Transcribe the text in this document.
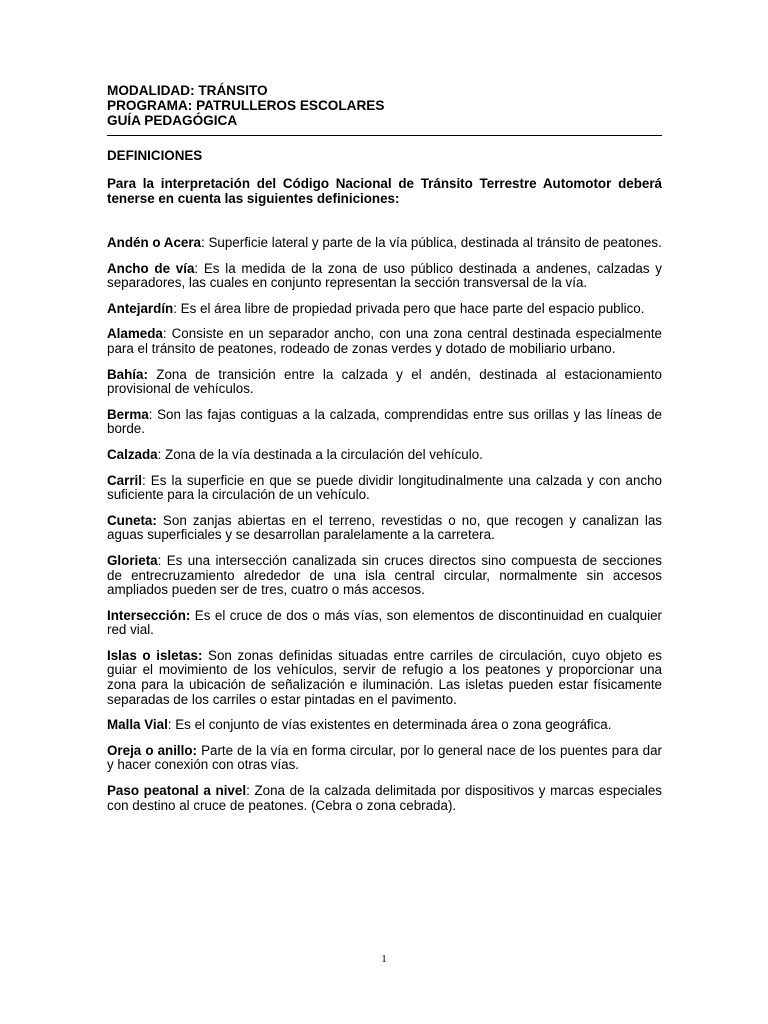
MODALIDAD: TRÁNSITO

PROGRAMA: PATRULLEROS ESCOLARES

GUÍA PEDAGÓGICA

DEFINICIONES

Para la interpretación del Código Nacional de Tránsito Terrestre Automotor deberá tenerse en cuenta las siguientes definiciones:

Andén o Acera: Superficie lateral y parte de la vía pública, destinada al tránsito de peatones.

Ancho de vía: Es la medida de la zona de uso público destinada a andenes, calzadas y separadores, las cuales en conjunto representan la sección transversal de la vía.

Antejardín: Es el área libre de propiedad privada pero que hace parte del espacio publico.

Alameda: Consiste en un separador ancho, con una zona central destinada especialmente para el tránsito de peatones, rodeado de zonas verdes y dotado de mobiliario urbano.

Bahía: Zona de transición entre la calzada y el andén, destinada al estacionamiento provisional de vehículos.

Berma: Son las fajas contiguas a la calzada, comprendidas entre sus orillas y las líneas de borde.

Calzada: Zona de la vía destinada a la circulación del vehículo.

Carril: Es la superficie en que se puede dividir longitudinalmente una calzada y con ancho suficiente para la circulación de un vehículo.

Cuneta: Son zanjas abiertas en el terreno, revestidas o no, que recogen y canalizan las aguas superficiales y se desarrollan paralelamente a la carretera.

Glorieta: Es una intersección canalizada sin cruces directos sino compuesta de secciones de entrecruzamiento alrededor de una isla central circular, normalmente sin accesos ampliados pueden ser de tres, cuatro o más accesos.

Intersección: Es el cruce de dos o más vías, son elementos de discontinuidad en cualquier red vial.

Islas o isletas: Son zonas definidas situadas entre carriles de circulación, cuyo objeto es guiar el movimiento de los vehículos, servir de refugio a los peatones y proporcionar una zona para la ubicación de señalización e iluminación. Las isletas pueden estar físicamente separadas de los carriles o estar pintadas en el pavimento.

Malla Vial: Es el conjunto de vías existentes en determinada área o zona geográfica.

Oreja o anillo: Parte de la vía en forma circular, por lo general nace de los puentes para dar y hacer conexión con otras vías.

Paso peatonal a nivel: Zona de la calzada delimitada por dispositivos y marcas especiales con destino al cruce de peatones. (Cebra o zona cebrada).

1
